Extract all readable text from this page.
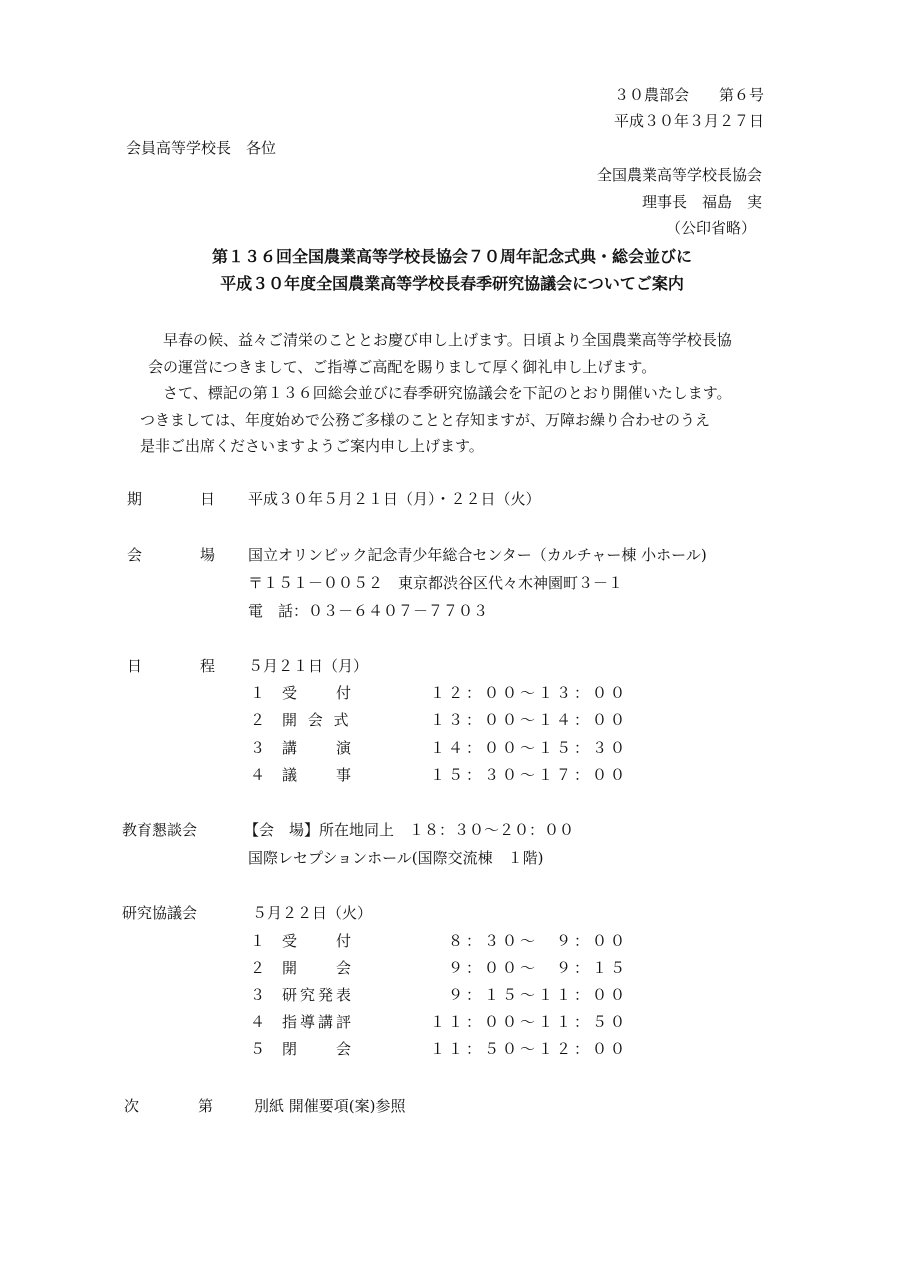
３０農部会　　第６号
平成３０年３月２７日
会員高等学校長　各位
全国農業高等学校長協会
理事長　福島　実
（公印省略）
第１３６回全国農業高等学校長協会７０周年記念式典・総会並びに
平成３０年度全国農業高等学校長春季研究協議会についてご案内

　早春の候、益々ご清栄のこととお慶び申し上げます。日頃より全国農業高等学校長協

会の運営につきまして、ご指導ご高配を賜りまして厚く御礼申し上げます。

　さて、標記の第１３６回総会並びに春季研究協議会を下記のとおり開催いたします。

つきましては、年度始めで公務ご多様のことと存知ますが、万障お繰り合わせのうえ

是非ご出席くださいますようご案内申し上げます。

期	日 平成３０年５月２１日（月）・２２日（火）
会	場 国立オリンピック記念青少年総合センター（カルチャー棟 小ホール)
〒１５１－００５２　東京都渋谷区代々木神園町３－１
電　話：０３－６４０７－７７０３
日	程 ５月２１日（月）
１ 受　　付	１２：００～１３：００
２ 開 会 式	１３：００～１４：００
３ 講　　演	１４：００～１５：３０
４ 議　　事	１５：３０～１７：００
教育懇談会	【会　場】所在地同上　１８：３０～２０：００
国際レセプションホール(国際交流棟　１階)
研究協議会	５月２２日（火）
１ 受　　付	　８：３０～　９：００
２ 開　　会	　９：００～　９：１５
３ 研究発表	　９：１５～１１：００
４ 指導講評	１１：００～１１：５０
５ 閉　　会	１１：５０～１２：００
次	第	別紙 開催要項(案)参照
